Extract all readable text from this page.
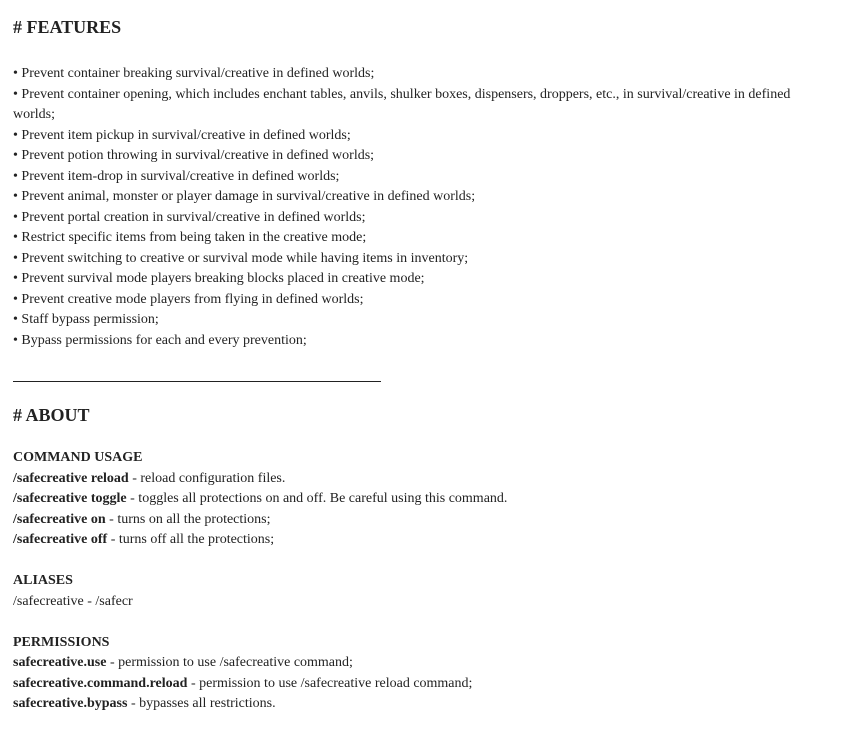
# FEATURES
• Prevent container breaking survival/creative in defined worlds;
• Prevent container opening, which includes enchant tables, anvils, shulker boxes, dispensers, droppers, etc., in survival/creative in defined worlds;
• Prevent item pickup in survival/creative in defined worlds;
• Prevent potion throwing in survival/creative in defined worlds;
• Prevent item-drop in survival/creative in defined worlds;
• Prevent animal, monster or player damage in survival/creative in defined worlds;
• Prevent portal creation in survival/creative in defined worlds;
• Restrict specific items from being taken in the creative mode;
• Prevent switching to creative or survival mode while having items in inventory;
• Prevent survival mode players breaking blocks placed in creative mode;
• Prevent creative mode players from flying in defined worlds;
• Staff bypass permission;
• Bypass permissions for each and every prevention;
# ABOUT
COMMAND USAGE
/safecreative reload - reload configuration files.
/safecreative toggle - toggles all protections on and off. Be careful using this command.
/safecreative on - turns on all the protections;
/safecreative off - turns off all the protections;
ALIASES
/safecreative - /safecr
PERMISSIONS
safecreative.use - permission to use /safecreative command;
safecreative.command.reload - permission to use /safecreative reload command;
safecreative.bypass - bypasses all restrictions.
